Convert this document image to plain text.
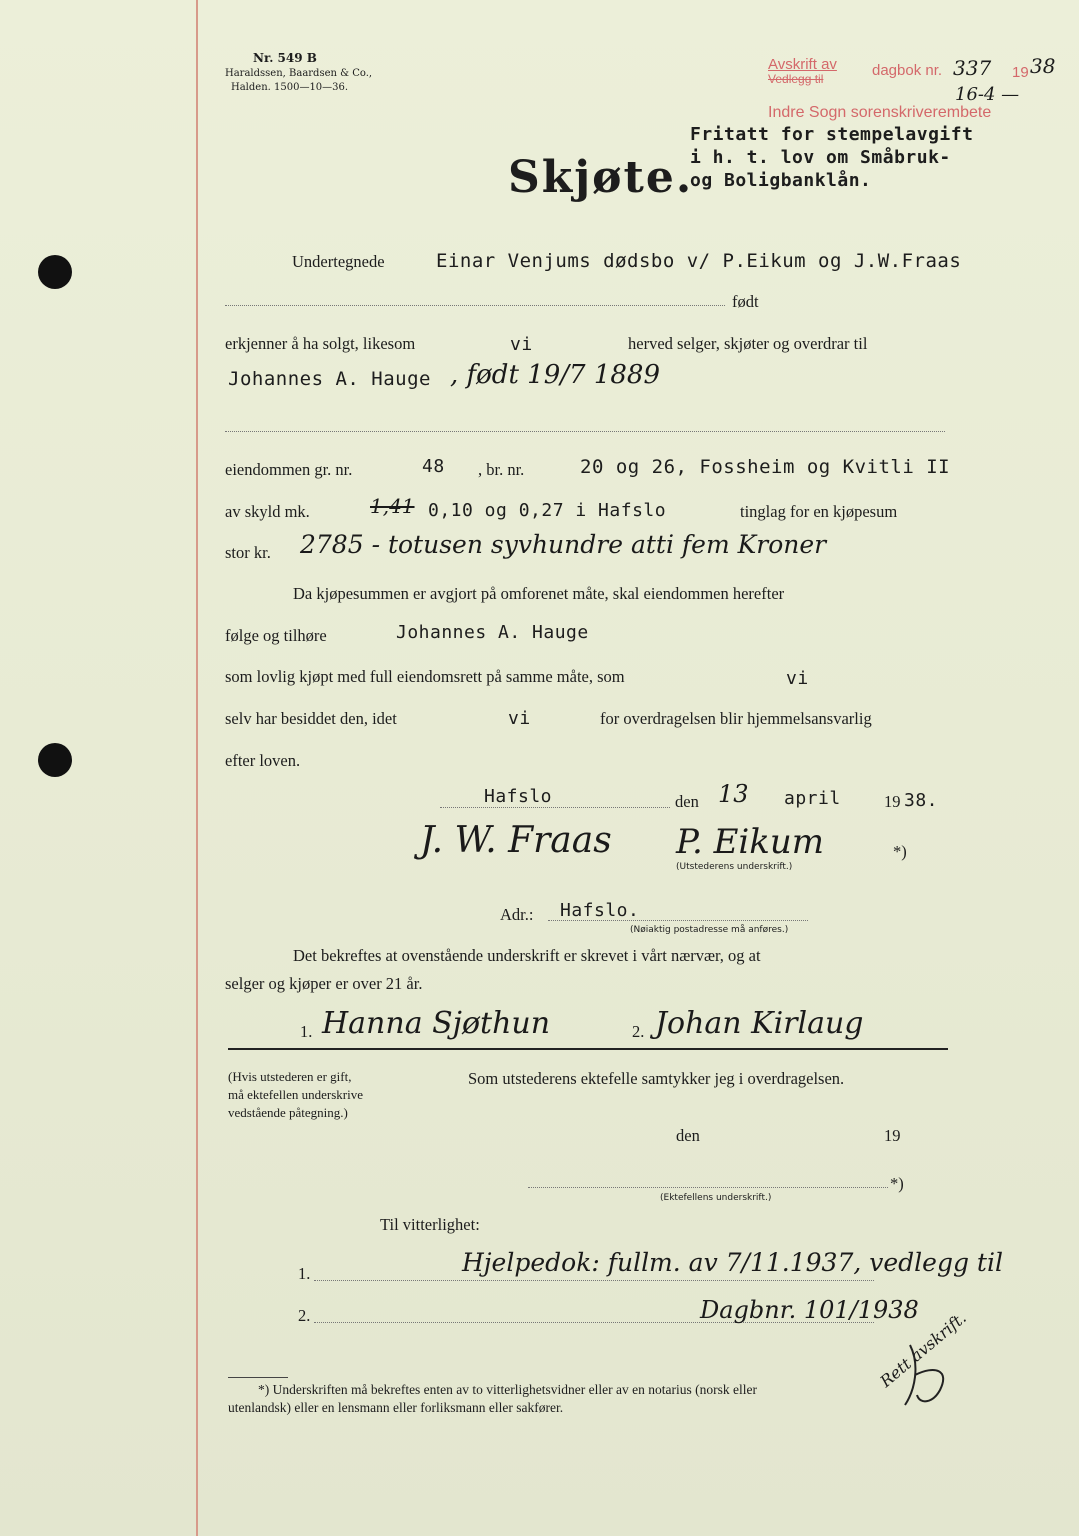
Nr. 549 B
Haraldssen, Baardsen & Co.,
Halden. 1500—10—36.
Avskrift av
Vedlegg til	dagbok nr. 337 19 38
16-4 —
Indre Sogn sorenskriverembete
Fritatt for stempelavgift
i h. t. lov om Småbruk-
og Boligbanklån.
Skjøte.
Undertegnede	Einar Venjums dødsbo v/ P.Eikum og J.W.Fraas
født
erkjenner å ha solgt, likesom	vi	herved selger, skjøter og overdrar til
Johannes A. Hauge , født 19/7 1889
eiendommen gr. nr.	48 , br. nr.	20 og 26, Fossheim og Kvitli II
av skyld mk.	1,41 0,10 og 0,27 i Hafslo	tinglag for en kjøpesum
stor kr. 2785 - totusen syvhundre atti fem Kroner
Da kjøpesummen er avgjort på omforenet måte, skal eiendommen herefter
følge og tilhøre	Johannes A. Hauge
som lovlig kjøpt med full eiendomsrett på samme måte, som	vi
selv har besiddet den, idet	vi	for overdragelsen blir hjemmelsansvarlig
efter loven.
Hafslo	den 13 april	19 38.
J. W. Fraas P. Eikum	*)
(Utstederens underskrift.)
Adr.: Hafslo.
(Nøiaktig postadresse må anføres.)
Det bekreftes at ovenstående underskrift er skrevet i vårt nærvær, og at
selger og kjøper er over 21 år.
1. Hanna Sjøthun	2. Johan Kirlaug
(Hvis utstederen er gift,
må ektefellen underskrive
vedstående påtegning.)
Som utstederens ektefelle samtykker jeg i overdragelsen.
den	19
*)
(Ektefellens underskrift.)
Til vitterlighet:
1.	Hjelpedok: fullm. av 7/11.1937, vedlegg til
2.	Dagbnr. 101/1938
Rett avskrift.
*) Underskriften må bekreftes enten av to vitterlighetsvidner eller av en notarius (norsk eller
utenlandsk) eller en lensmann eller forliksmann eller sakfører.
